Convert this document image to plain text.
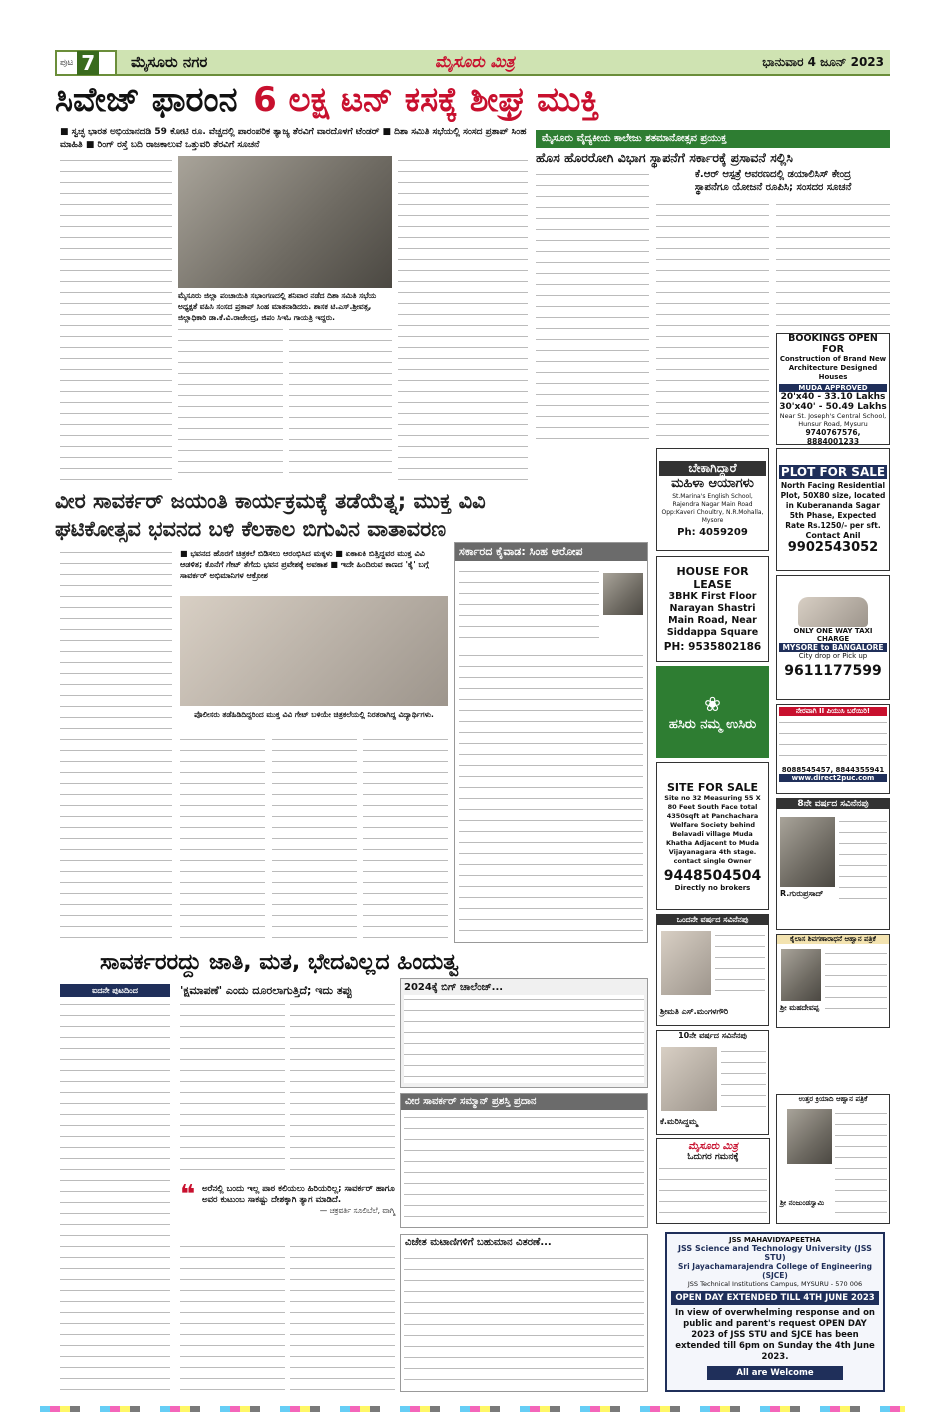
ಪುಟ 7 ಮೈಸೂರು ನಗರ	ಮೈಸೂರು ಮಿತ್ರ	ಭಾನುವಾರ 4 ಜೂನ್ 2023
ಸಿವೇಜ್ ಫಾರಂನ 6 ಲಕ್ಷ ಟನ್ ಕಸಕ್ಕೆ ಶೀಘ್ರ ಮುಕ್ತಿ
■ ಸ್ವಚ್ಛ ಭಾರತ ಅಭಿಯಾನದಡಿ 59 ಕೋಟಿ ರೂ. ವೆಚ್ಚದಲ್ಲಿ ಪಾರಂಪರಿಕ ತ್ಯಾಜ್ಯ ತೆರವಿಗೆ ವಾರದೊಳಗೆ ಟೆಂಡರ್ ■ ದಿಶಾ ಸಮಿತಿ ಸಭೆಯಲ್ಲಿ ಸಂಸದ ಪ್ರತಾಪ್ ಸಿಂಹ ಮಾಹಿತಿ ■ ರಿಂಗ್ ರಸ್ತೆ ಬದಿ ರಾಜಕಾಲುವೆ ಒತ್ತುವರಿ ತೆರವಿಗೆ ಸೂಚನೆ
ಮೈಸೂರು ಜಿಲ್ಲಾ ಪಂಚಾಯಿತಿ ಸಭಾಂಗಣದಲ್ಲಿ ಶನಿವಾರ ನಡೆದ ದಿಶಾ ಸಮಿತಿ ಸಭೆಯ ಅಧ್ಯಕ್ಷತೆ ವಹಿಸಿ ಸಂಸದ ಪ್ರತಾಪ್ ಸಿಂಹ ಮಾತನಾಡಿದರು. ಶಾಸಕ ಟಿ.ಎಸ್.ಶ್ರೀವತ್ಸ, ಜಿಲ್ಲಾಧಿಕಾರಿ ಡಾ.ಕೆ.ವಿ.ರಾಜೇಂದ್ರ, ಜಿಪಂ ಸಿಇಓ ಗಾಯತ್ರಿ ಇದ್ದರು.
ಮೈಸೂರು ವೈದ್ಯಕೀಯ ಕಾಲೇಜು ಶತಮಾನೋತ್ಸವ ಪ್ರಯುಕ್ತ
ಹೊಸ ಹೊರರೋಗಿ ವಿಭಾಗ ಸ್ಥಾಪನೆಗೆ ಸರ್ಕಾರಕ್ಕೆ ಪ್ರಸಾವನೆ ಸಲ್ಲಿಸಿ
ಕೆ.ಆರ್ ಆಸ್ಪತ್ರೆ ಆವರಣದಲ್ಲಿ ಡಯಾಲಿಸಿಸ್ ಕೇಂದ್ರ
ಸ್ಥಾಪನೆಗೂ ಯೋಜನೆ ರೂಪಿಸಿ; ಸಂಸದರ ಸೂಚನೆ
BOOKINGS OPEN FOR
Construction of Brand New Architecture Designed Houses
MUDA APPROVED
20'x40 - 33.10 Lakhs
30'x40' - 50.49 Lakhs
Near St. Joseph's Central School, Hunsur Road, Mysuru
9740767576, 8884001233
ಬೇಕಾಗಿದ್ದಾರೆ
ಮಹಿಳಾ ಆಯಾಗಳು
St.Marina's English School, Rajendra Nagar Main Road Opp:Kaveri Choultry, N.R.Mohalla, Mysore
Ph: 4059209
PLOT FOR SALE
North Facing Residential Plot, 50X80 size, located in Kuberananda Sagar 5th Phase, Expected Rate Rs.1250/- per sft.
Contact Anil
9902543052
ವೀರ ಸಾವರ್ಕರ್ ಜಯಂತಿ ಕಾರ್ಯಕ್ರಮಕ್ಕೆ ತಡೆಯೆತ್ನ; ಮುಕ್ತ ವಿವಿ
ಘಟಿಕೋತ್ಸವ ಭವನದ ಬಳಿ ಕೆಲಕಾಲ ಬಿಗುವಿನ ವಾತಾವರಣ
■ ಭವನದ ಹೊರಗೆ ಚಿತ್ರಕಲೆ ಬಿಡಿಸಲು ಆರಂಭಿಸಿದ ಮಕ್ಕಳು ■ ಏಕಾಏಕಿ ಬಿತ್ತಿದ್ದವರ ಮುಕ್ತ ವಿವಿ ಆಡಳಿತ; ಕೊನೆಗೆ ಗೇಟ್ ತೆಗೆದು ಭವನ ಪ್ರವೇಶಕ್ಕೆ ಅವಕಾಶ ■ ಇದೇ ಹಿಂದಿರುವ ಕಾಣದ 'ಕೈ' ಬಗ್ಗೆ ಸಾವರ್ಕರ್ ಅಭಿಮಾನಿಗಳ ಆಕ್ರೋಶ
ಪೊಲೀಸರು ತಡೆಹಿಡಿದಿದ್ದರಿಂದ ಮುಕ್ತ ವಿವಿ ಗೇಟ್ ಬಳಿಯೇ ಚಿತ್ರಕಲೆಯಲ್ಲಿ ನಿರತರಾಗಿದ್ದ ವಿದ್ಯಾರ್ಥಿಗಳು.
ಸರ್ಕಾರದ ಕೈವಾಡ: ಸಿಂಹ ಆರೋಪ
HOUSE FOR LEASE
3BHK First Floor Narayan Shastri Main Road, Near Siddappa Square
PH: 9535802186
ONLY ONE WAY TAXI CHARGE
MYSORE to BANGALORE
City drop or Pick up
9611177599
❀
ಹಸಿರು ನಮ್ಮ ಉಸಿರು
ನೇರವಾಗಿ II ಪಿಯುಸಿ ಬರೆಯಿರಿ!
8088545457, 8844355941
www.direct2puc.com
SITE FOR SALE
Site no 32 Measuring 55 X 80 Feet South Face total 4350sqft at Panchachara Welfare Society behind Belavadi village Muda Khatha Adjacent to Muda Vijayanagara 4th stage. contact single Owner
9448504504
Directly no brokers
8ನೇ ವರ್ಷದ ಸವಿನೆನಪು
R.ಗುರುಪ್ರಸಾದ್
ಸಾವರ್ಕರರದ್ದು ಜಾತಿ, ಮತ, ಭೇದವಿಲ್ಲದ ಹಿಂದುತ್ವ
ಐದನೇ ಪುಟದಿಂದ	'ಕ್ಷಮಾಪಣೆ' ಎಂದು ದೂರಲಾಗುತ್ತಿದೆ; ಇದು ತಪ್ಪು	2024ಕ್ಕೆ ಬಿಗ್ ಚಾಲೆಂಜ್...
❝ ಅರೆನಲ್ಲಿ ಬಂದು ಇಲ್ಲ ಪಾಠ ಕಲಿಯಲು ಹಿರಿಯರಿಲ್ಲ; ಸಾವರ್ಕರ್ ಹಾಗೂ ಅವರ ಕುಟುಂಬ ಸಾಕಷ್ಟು ದೇಶಕ್ಕಾಗಿ ತ್ಯಾಗ ಮಾಡಿದೆ.
— ಚಕ್ರವರ್ತಿ ಸೂಲಿಬೆಲೆ, ವಾಗ್ಮಿ
ವೀರ ಸಾವರ್ಕರ್ ಸಮ್ಮಾನ್ ಪ್ರಶಸ್ತಿ ಪ್ರದಾನ
ವಿಜೇತ ಮಟಾಣಿಗಳಿಗೆ ಬಹುಮಾನ ವಿತರಣೆ...
ಒಂದನೇ ವರ್ಷದ ಸವಿನೆನಪು
ಶ್ರೀಮತಿ ಎಸ್.ಮಂಗಳಗೌರಿ
ಕೈಲಾಸ ಶಿವಗಣಾರಾಧನೆ ಆಹ್ವಾನ ಪತ್ರಿಕೆ
ಶ್ರೀ ಮಹದೇವಪ್ಪ
10ನೇ ವರ್ಷದ ಸವಿನೆನಪು
ಕೆ.ಮರಿಸಿದ್ದಮ್ಮ
ಮೈಸೂರು ಮಿತ್ರ
ಓದುಗರ ಗಮನಕ್ಕೆ
ಉತ್ತರ ಕ್ರಿಯಾದಿ ಆಹ್ವಾನ ಪತ್ರಿಕೆ
ಶ್ರೀ ನಂಜುಂಡಸ್ವಾಮಿ
JSS MAHAVIDYAPEETHA
JSS Science and Technology University (JSS STU)
Sri Jayachamarajendra College of Engineering (SJCE)
JSS Technical Institutions Campus, MYSURU - 570 006
OPEN DAY EXTENDED TILL 4TH JUNE 2023
In view of overwhelming response and on public and parent's request OPEN DAY 2023 of JSS STU and SJCE has been extended till 6pm on Sunday the 4th June 2023.
All are Welcome
